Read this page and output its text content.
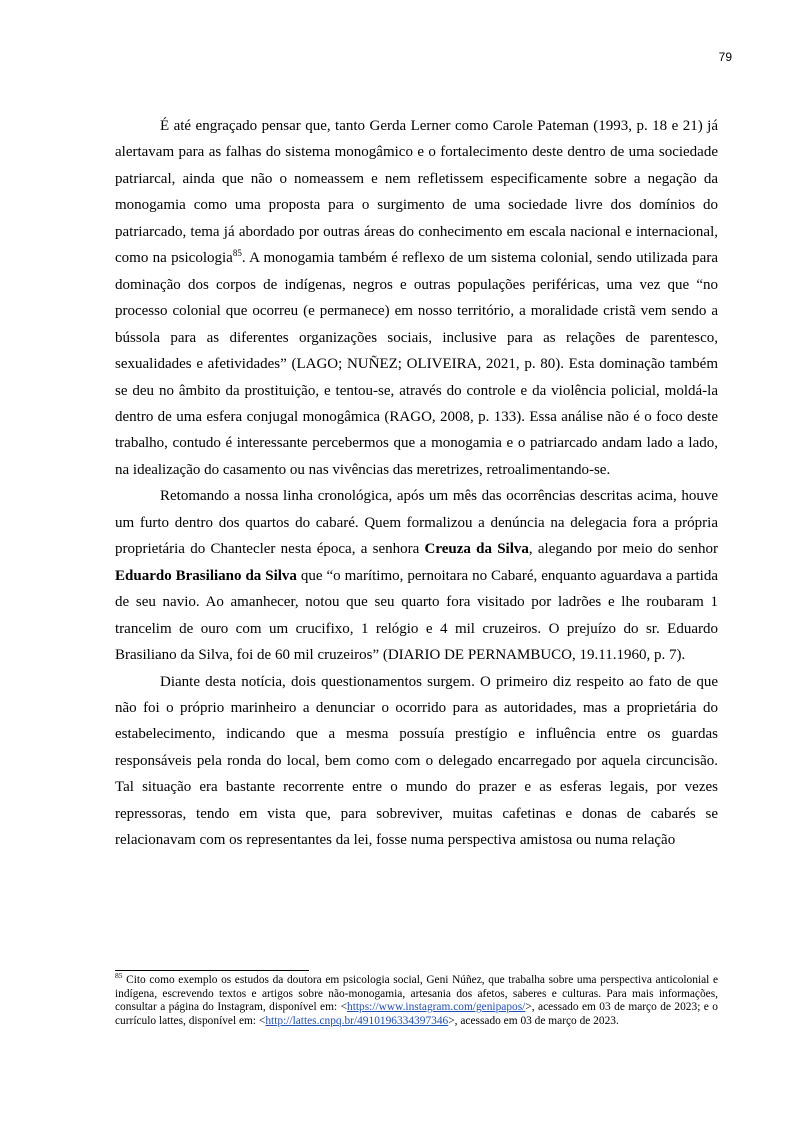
79

É até engraçado pensar que, tanto Gerda Lerner como Carole Pateman (1993, p. 18 e 21) já alertavam para as falhas do sistema monogâmico e o fortalecimento deste dentro de uma sociedade patriarcal, ainda que não o nomeassem e nem refletissem especificamente sobre a negação da monogamia como uma proposta para o surgimento de uma sociedade livre dos domínios do patriarcado, tema já abordado por outras áreas do conhecimento em escala nacional e internacional, como na psicologia$^{85}$. A monogamia também é reflexo de um sistema colonial, sendo utilizada para dominação dos corpos de indígenas, negros e outras populações periféricas, uma vez que “no processo colonial que ocorreu (e permanece) em nosso território, a moralidade cristã vem sendo a bússola para as diferentes organizações sociais, inclusive para as relações de parentesco, sexualidades e afetividades” (LAGO; NUÑEZ; OLIVEIRA, 2021, p. 80). Esta dominação também se deu no âmbito da prostituição, e tentou-se, através do controle e da violência policial, moldá-la dentro de uma esfera conjugal monogâmica (RAGO, 2008, p. 133). Essa análise não é o foco deste trabalho, contudo é interessante percebermos que a monogamia e o patriarcado andam lado a lado, na idealização do casamento ou nas vivências das meretrizes, retroalimentando-se.

Retomando a nossa linha cronológica, após um mês das ocorrências descritas acima, houve um furto dentro dos quartos do cabaré. Quem formalizou a denúncia na delegacia fora a própria proprietária do Chantecler nesta época, a senhora Creuza da Silva, alegando por meio do senhor Eduardo Brasiliano da Silva que “o marítimo, pernoitara no Cabaré, enquanto aguardava a partida de seu navio. Ao amanhecer, notou que seu quarto fora visitado por ladrões e lhe roubaram 1 trancelim de ouro com um crucifixo, 1 relógio e 4 mil cruzeiros. O prejuízo do sr. Eduardo Brasiliano da Silva, foi de 60 mil cruzeiros” (DIARIO DE PERNAMBUCO, 19.11.1960, p. 7).

Diante desta notícia, dois questionamentos surgem. O primeiro diz respeito ao fato de que não foi o próprio marinheiro a denunciar o ocorrido para as autoridades, mas a proprietária do estabelecimento, indicando que a mesma possuía prestígio e influência entre os guardas responsáveis pela ronda do local, bem como com o delegado encarregado por aquela circuncisão. Tal situação era bastante recorrente entre o mundo do prazer e as esferas legais, por vezes repressoras, tendo em vista que, para sobreviver, muitas cafetinas e donas de cabarés se relacionavam com os representantes da lei, fosse numa perspectiva amistosa ou numa relação

$^{85}$ Cito como exemplo os estudos da doutora em psicologia social, Geni Núñez, que trabalha sobre uma perspectiva anticolonial e indígena, escrevendo textos e artigos sobre não-monogamia, artesania dos afetos, saberes e culturas. Para mais informações, consultar a página do Instagram, disponível em: <https://www.instagram.com/genipapos/>, acessado em 03 de março de 2023; e o currículo lattes, disponível em: <http://lattes.cnpq.br/4910196334397346>, acessado em 03 de março de 2023.
